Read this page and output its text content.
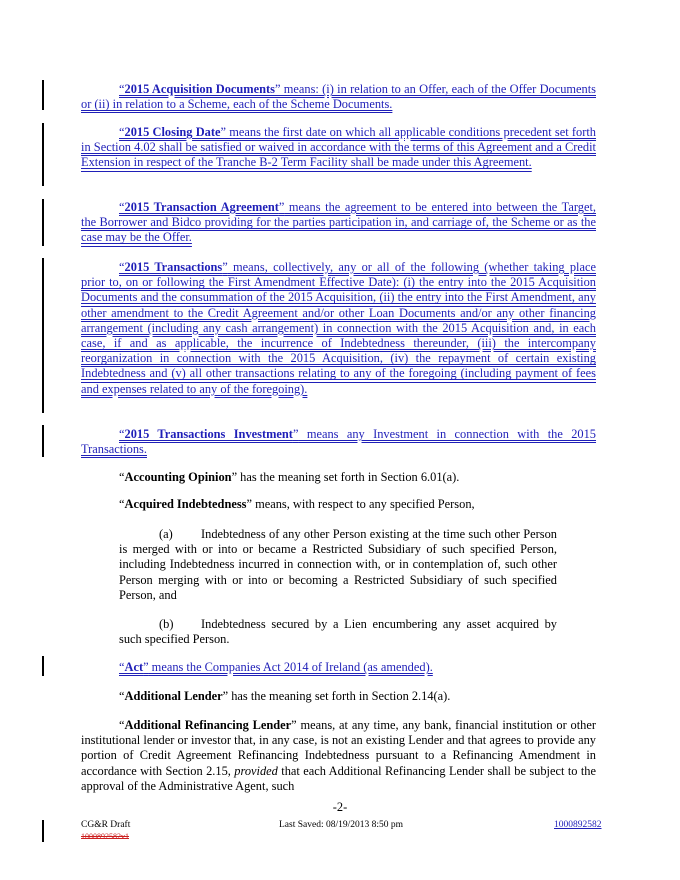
“2015 Acquisition Documents” means: (i) in relation to an Offer, each of the Offer Documents or (ii) in relation to a Scheme, each of the Scheme Documents.
“2015 Closing Date” means the first date on which all applicable conditions precedent set forth in Section 4.02 shall be satisfied or waived in accordance with the terms of this Agreement and a Credit Extension in respect of the Tranche B-2 Term Facility shall be made under this Agreement.
“2015 Transaction Agreement” means the agreement to be entered into between the Target, the Borrower and Bidco providing for the parties participation in, and carriage of, the Scheme or as the case may be the Offer.
“2015 Transactions” means, collectively, any or all of the following (whether taking place prior to, on or following the First Amendment Effective Date): (i) the entry into the 2015 Acquisition Documents and the consummation of the 2015 Acquisition, (ii) the entry into the First Amendment, any other amendment to the Credit Agreement and/or other Loan Documents and/or any other financing arrangement (including any cash arrangement) in connection with the 2015 Acquisition and, in each case, if and as applicable, the incurrence of Indebtedness thereunder, (iii) the intercompany reorganization in connection with the 2015 Acquisition, (iv) the repayment of certain existing Indebtedness and (v) all other transactions relating to any of the foregoing (including payment of fees and expenses related to any of the foregoing).
“2015 Transactions Investment” means any Investment in connection with the 2015 Transactions.
“Accounting Opinion” has the meaning set forth in Section 6.01(a).
“Acquired Indebtedness” means, with respect to any specified Person,
(a) Indebtedness of any other Person existing at the time such other Person is merged with or into or became a Restricted Subsidiary of such specified Person, including Indebtedness incurred in connection with, or in contemplation of, such other Person merging with or into or becoming a Restricted Subsidiary of such specified Person, and
(b) Indebtedness secured by a Lien encumbering any asset acquired by such specified Person.
“Act” means the Companies Act 2014 of Ireland (as amended).
“Additional Lender” has the meaning set forth in Section 2.14(a).
“Additional Refinancing Lender” means, at any time, any bank, financial institution or other institutional lender or investor that, in any case, is not an existing Lender and that agrees to provide any portion of Credit Agreement Refinancing Indebtedness pursuant to a Refinancing Amendment in accordance with Section 2.15, provided that each Additional Refinancing Lender shall be subject to the approval of the Administrative Agent, such
-2-
CG&R Draft
1000892582v1
Last Saved: 08/19/2013 8:50 pm	1000892582
